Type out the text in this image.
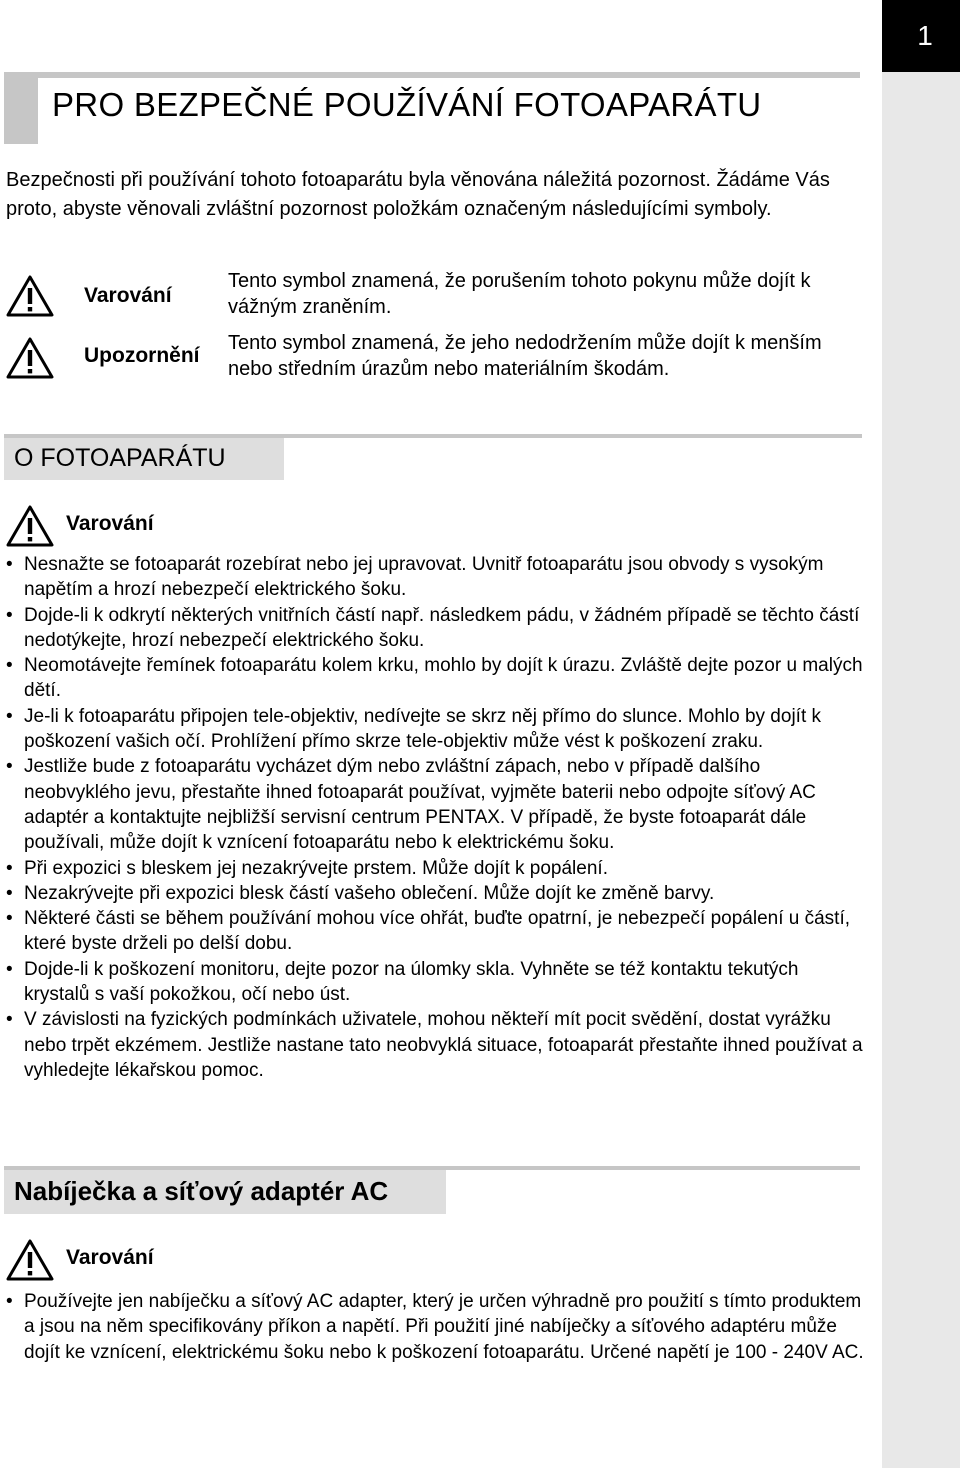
1
PRO BEZPEČNÉ POUŽÍVÁNÍ FOTOAPARÁTU

Bezpečnosti při používání tohoto fotoaparátu byla věnována náležitá pozornost. Žádáme Vás proto, abyste věnovali zvláštní pozornost položkám označeným následujícími symboly.

Varování

Tento symbol znamená, že porušením tohoto pokynu může dojít k vážným zraněním.

Upozornění

Tento symbol znamená, že jeho nedodržením může dojít k menším nebo středním úrazům nebo materiálním škodám.

O FOTOAPARÁTU
Varování
• Nesnažte se fotoaparát rozebírat nebo jej upravovat. Uvnitř fotoaparátu jsou obvody s vysokým napětím a hrozí nebezpečí elektrického šoku.
• Dojde-li k odkrytí některých vnitřních částí např. následkem pádu, v žádném případě se těchto částí nedotýkejte, hrozí nebezpečí elektrického šoku.
• Neomotávejte řemínek fotoaparátu kolem krku, mohlo by dojít k úrazu. Zvláště dejte pozor u malých dětí.
• Je-li k fotoaparátu připojen tele-objektiv, nedívejte se skrz něj přímo do slunce. Mohlo by dojít k poškození vašich očí. Prohlížení přímo skrze tele-objektiv může vést k poškození zraku.
• Jestliže bude z fotoaparátu vycházet dým nebo zvláštní zápach, nebo v případě dalšího neobvyklého jevu, přestaňte ihned fotoaparát používat, vyjměte baterii nebo odpojte síťový AC adaptér a kontaktujte nejbližší servisní centrum PENTAX. V případě, že byste fotoaparát dále používali, může dojít k vznícení fotoaparátu nebo k elektrickému šoku.
• Při expozici s bleskem jej nezakrývejte prstem. Může dojít k popálení.
• Nezakrývejte při expozici blesk částí vašeho oblečení. Může dojít ke změně barvy.
• Některé části se během používání mohou více ohřát, buďte opatrní, je nebezpečí popálení u částí, které byste drželi po delší dobu.
• Dojde-li k poškození monitoru, dejte pozor na úlomky skla. Vyhněte se též kontaktu tekutých krystalů s vaší pokožkou, očí nebo úst.
• V závislosti na fyzických podmínkách uživatele, mohou někteří mít pocit svědění, dostat vyrážku nebo trpět ekzémem. Jestliže nastane tato neobvyklá situace, fotoaparát přestaňte ihned používat a vyhledejte lékařskou pomoc.
Nabíječka a síťový adaptér AC
Varování
• Používejte jen nabíječku a síťový AC adapter, který je určen výhradně pro použití s tímto produktem a jsou na něm specifikovány příkon a napětí. Při použití jiné nabíječky a síťového adaptéru může dojít ke vznícení, elektrickému šoku nebo k poškození fotoaparátu. Určené napětí je 100 - 240V AC.
